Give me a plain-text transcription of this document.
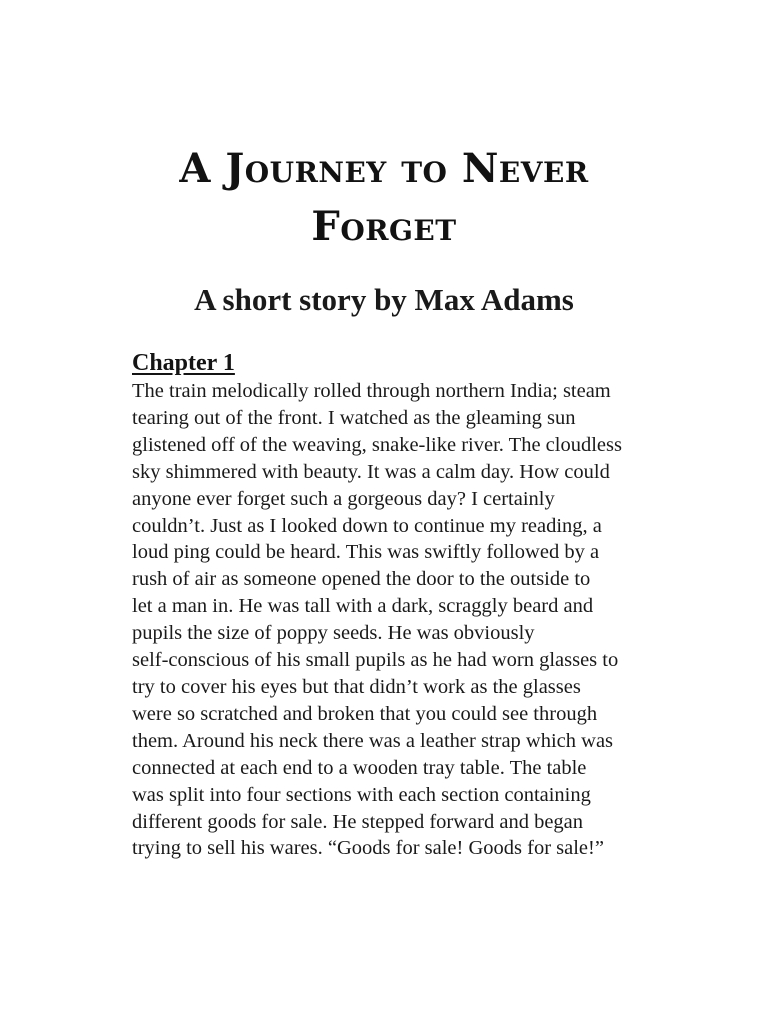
A Journey to Never
Forget
A short story by Max Adams
Chapter 1
The train melodically rolled through northern India; steam
tearing out of the front. I watched as the gleaming sun
glistened off of the weaving, snake-like river. The cloudless
sky shimmered with beauty. It was a calm day. How could
anyone ever forget such a gorgeous day? I certainly
couldn’t. Just as I looked down to continue my reading, a
loud ping could be heard. This was swiftly followed by a
rush of air as someone opened the door to the outside to
let a man in. He was tall with a dark, scraggly beard and
pupils the size of poppy seeds. He was obviously
self-conscious of his small pupils as he had worn glasses to
try to cover his eyes but that didn’t work as the glasses
were so scratched and broken that you could see through
them. Around his neck there was a leather strap which was
connected at each end to a wooden tray table. The table
was split into four sections with each section containing
different goods for sale. He stepped forward and began
trying to sell his wares. “Goods for sale! Goods for sale!”
